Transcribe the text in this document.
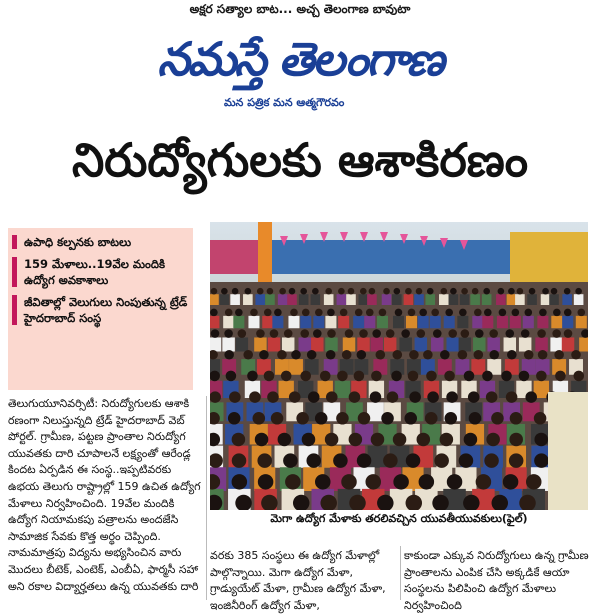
అక్షర సత్యాల బాట... అచ్చ తెలంగాణ బావుటా
నమస్తే తెలంగాణ
మన పత్రిక మన ఆత్మగౌరవం
నిరుద్యోగులకు ఆశాకిరణం
ఉపాధి కల్పనకు బాటలు
159 మేళాలు..19వేల మందికి ఉద్యోగ అవకాశాలు
జీవితాల్లో వెలుగులు నింపుతున్న ట్రేడ్ హైదరాబాద్ సంస్థ
మెగా ఉద్యోగ మేళాకు తరలివచ్చిన యువతీయువకులు(ఫైల్)

తెలుగుయూనివర్సిటీ: నిరుద్యోగులకు ఆశాకి రణంగా నిలుస్తున్నది ట్రేడ్ హైదరాబాద్ వెబ్ పోర్టల్. గ్రామీణ, పట్టణ ప్రాంతాల నిరుద్యోగ యువతకు దారి చూపాలనే లక్ష్యంతో ఆరేండ్ల కిందట ఏర్పడిన ఈ సంస్థ..ఇప్పటివరకు ఉభయ తెలుగు రాష్ట్రాల్లో 159 ఉచిత ఉద్యోగ మేళాలు నిర్వహించింది. 19వేల మందికి ఉద్యోగ నియామకపు పత్రాలను అందజేసి సామాజిక సేవకు కొత్త అర్థం చెప్పింది.

నామమాత్రపు విద్యను అభ్యసించిన వారు మొదలు బీటెక్, ఎంటెక్, ఎంబీఏ, ఫార్మసీ సహా అని రకాల విద్యార్హతలు ఉన్న యువతకు దారి

వరకు 385 సంస్థలు ఈ ఉద్యోగ మేళాల్లో పాల్గొన్నాయి. మెగా ఉద్యోగ మేళా, గ్రాడ్యుయేట్ మేళా, గ్రామీణ ఉద్యోగ మేళా, ఇంజినీరింగ్ ఉద్యోగ మేళా,

కాకుండా ఎక్కువ నిరుద్యోగులు ఉన్న గ్రామీణ ప్రాంతాలను ఎంపిక చేసి అక్కడికే ఆయా సంస్థలను పిలిపించి ఉద్యోగ మేళాలు నిర్వహించింది
